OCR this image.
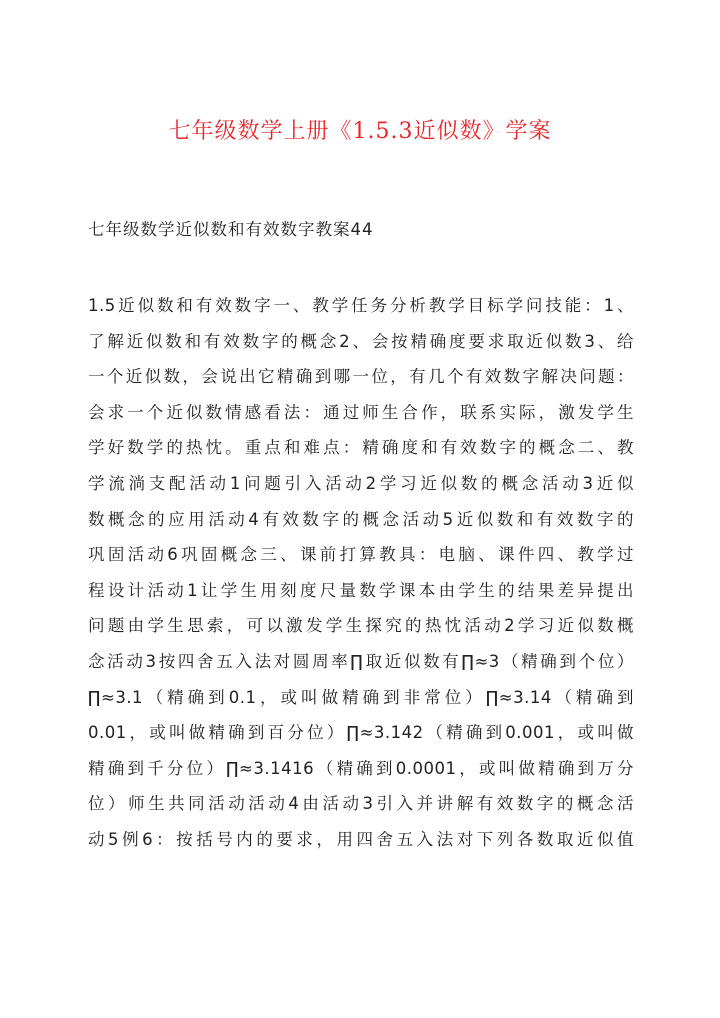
七年级数学上册《1.5.3近似数》学案

七年级数学近似数和有效数字教案44

1.5近似数和有效数字一、教学任务分析教学目标学问技能：1、
了解近似数和有效数字的概念2、会按精确度要求取近似数3、给
一个近似数，会说出它精确到哪一位，有几个有效数字解决问题：
会求一个近似数情感看法：通过师生合作，联系实际，激发学生
学好数学的热忱。重点和难点：精确度和有效数字的概念二、教
学流淌支配活动1问题引入活动2学习近似数的概念活动3近似
数概念的应用活动4有效数字的概念活动5近似数和有效数字的
巩固活动6巩固概念三、课前打算教具：电脑、课件四、教学过
程设计活动1让学生用刻度尺量数学课本由学生的结果差异提出
问题由学生思索，可以激发学生探究的热忱活动2学习近似数概
念活动3按四舍五入法对圆周率∏取近似数有∏≈3（精确到个位）
∏≈3.1（精确到0.1，或叫做精确到非常位）∏≈3.14（精确到
0.01，或叫做精确到百分位）∏≈3.142（精确到0.001，或叫做
精确到千分位）∏≈3.1416（精确到0.0001，或叫做精确到万分
位）师生共同活动活动4由活动3引入并讲解有效数字的概念活
动5例6：按括号内的要求，用四舍五入法对下列各数取近似值
